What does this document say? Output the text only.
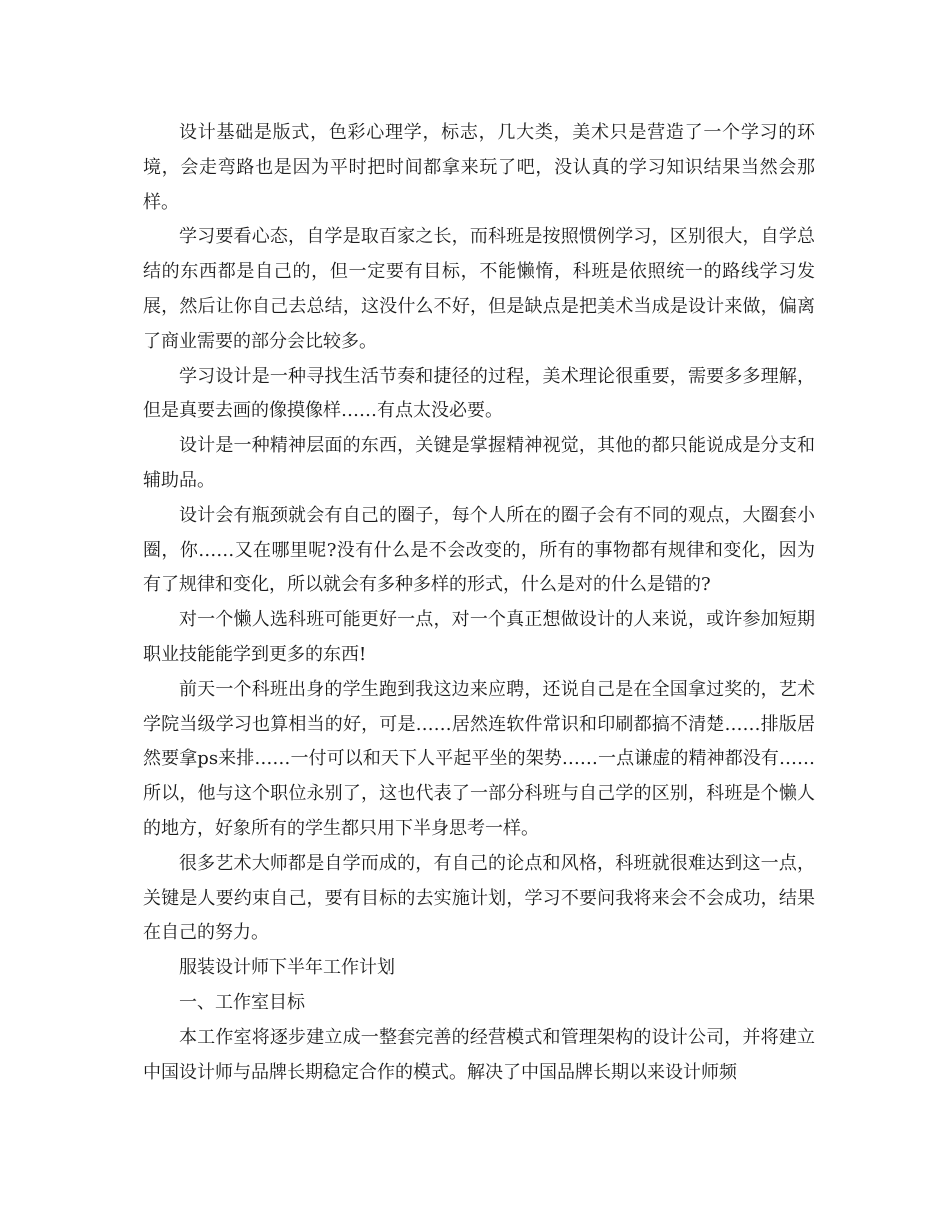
设计基础是版式，色彩心理学，标志，几大类，美术只是营造了一个学习的环境，会走弯路也是因为平时把时间都拿来玩了吧，没认真的学习知识结果当然会那样。

学习要看心态，自学是取百家之长，而科班是按照惯例学习，区别很大，自学总结的东西都是自己的，但一定要有目标，不能懒惰，科班是依照统一的路线学习发展，然后让你自己去总结，这没什么不好，但是缺点是把美术当成是设计来做，偏离了商业需要的部分会比较多。

学习设计是一种寻找生活节奏和捷径的过程，美术理论很重要，需要多多理解，但是真要去画的像摸像样……有点太没必要。

设计是一种精神层面的东西，关键是掌握精神视觉，其他的都只能说成是分支和辅助品。

设计会有瓶颈就会有自己的圈子，每个人所在的圈子会有不同的观点，大圈套小圈，你……又在哪里呢?没有什么是不会改变的，所有的事物都有规律和变化，因为有了规律和变化，所以就会有多种多样的形式，什么是对的什么是错的?

对一个懒人选科班可能更好一点，对一个真正想做设计的人来说，或许参加短期职业技能能学到更多的东西!

前天一个科班出身的学生跑到我这边来应聘，还说自己是在全国拿过奖的，艺术学院当级学习也算相当的好，可是……居然连软件常识和印刷都搞不清楚……排版居然要拿ps来排……一付可以和天下人平起平坐的架势……一点谦虚的精神都没有……所以，他与这个职位永别了，这也代表了一部分科班与自己学的区别，科班是个懒人的地方，好象所有的学生都只用下半身思考一样。

很多艺术大师都是自学而成的，有自己的论点和风格，科班就很难达到这一点，关键是人要约束自己，要有目标的去实施计划，学习不要问我将来会不会成功，结果在自己的努力。

服装设计师下半年工作计划

一、工作室目标

本工作室将逐步建立成一整套完善的经营模式和管理架构的设计公司，并将建立中国设计师与品牌长期稳定合作的模式。解决了中国品牌长期以来设计师频
